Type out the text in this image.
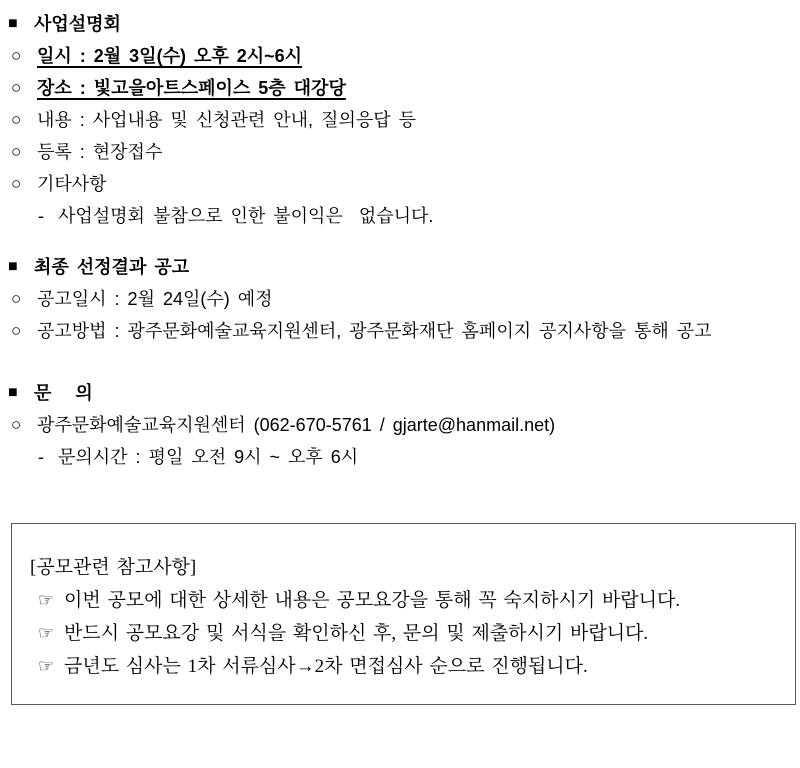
■ 사업설명회
○ 일시 : 2월 3일(수) 오후 2시~6시
○ 장소 : 빛고을아트스페이스 5층 대강당
○ 내용 : 사업내용 및 신청관련 안내, 질의응답 등
○ 등록 : 현장접수
○ 기타사항
- 사업설명회 불참으로 인한 불이익은  없습니다.
■ 최종 선정결과 공고
○ 공고일시 : 2월 24일(수) 예정
○ 공고방법 : 광주문화예술교육지원센터, 광주문화재단 홈페이지 공지사항을 통해 공고
■ 문   의
○ 광주문화예술교육지원센터 (062-670-5761 / gjarte@hanmail.net)
- 문의시간 : 평일 오전 9시 ~ 오후 6시
[공모관련 참고사항]
☞ 이번 공모에 대한 상세한 내용은 공모요강을 통해 꼭 숙지하시기 바랍니다.
☞ 반드시 공모요강 및 서식을 확인하신 후, 문의 및 제출하시기 바랍니다.
☞ 금년도 심사는 1차 서류심사→2차 면접심사 순으로 진행됩니다.
